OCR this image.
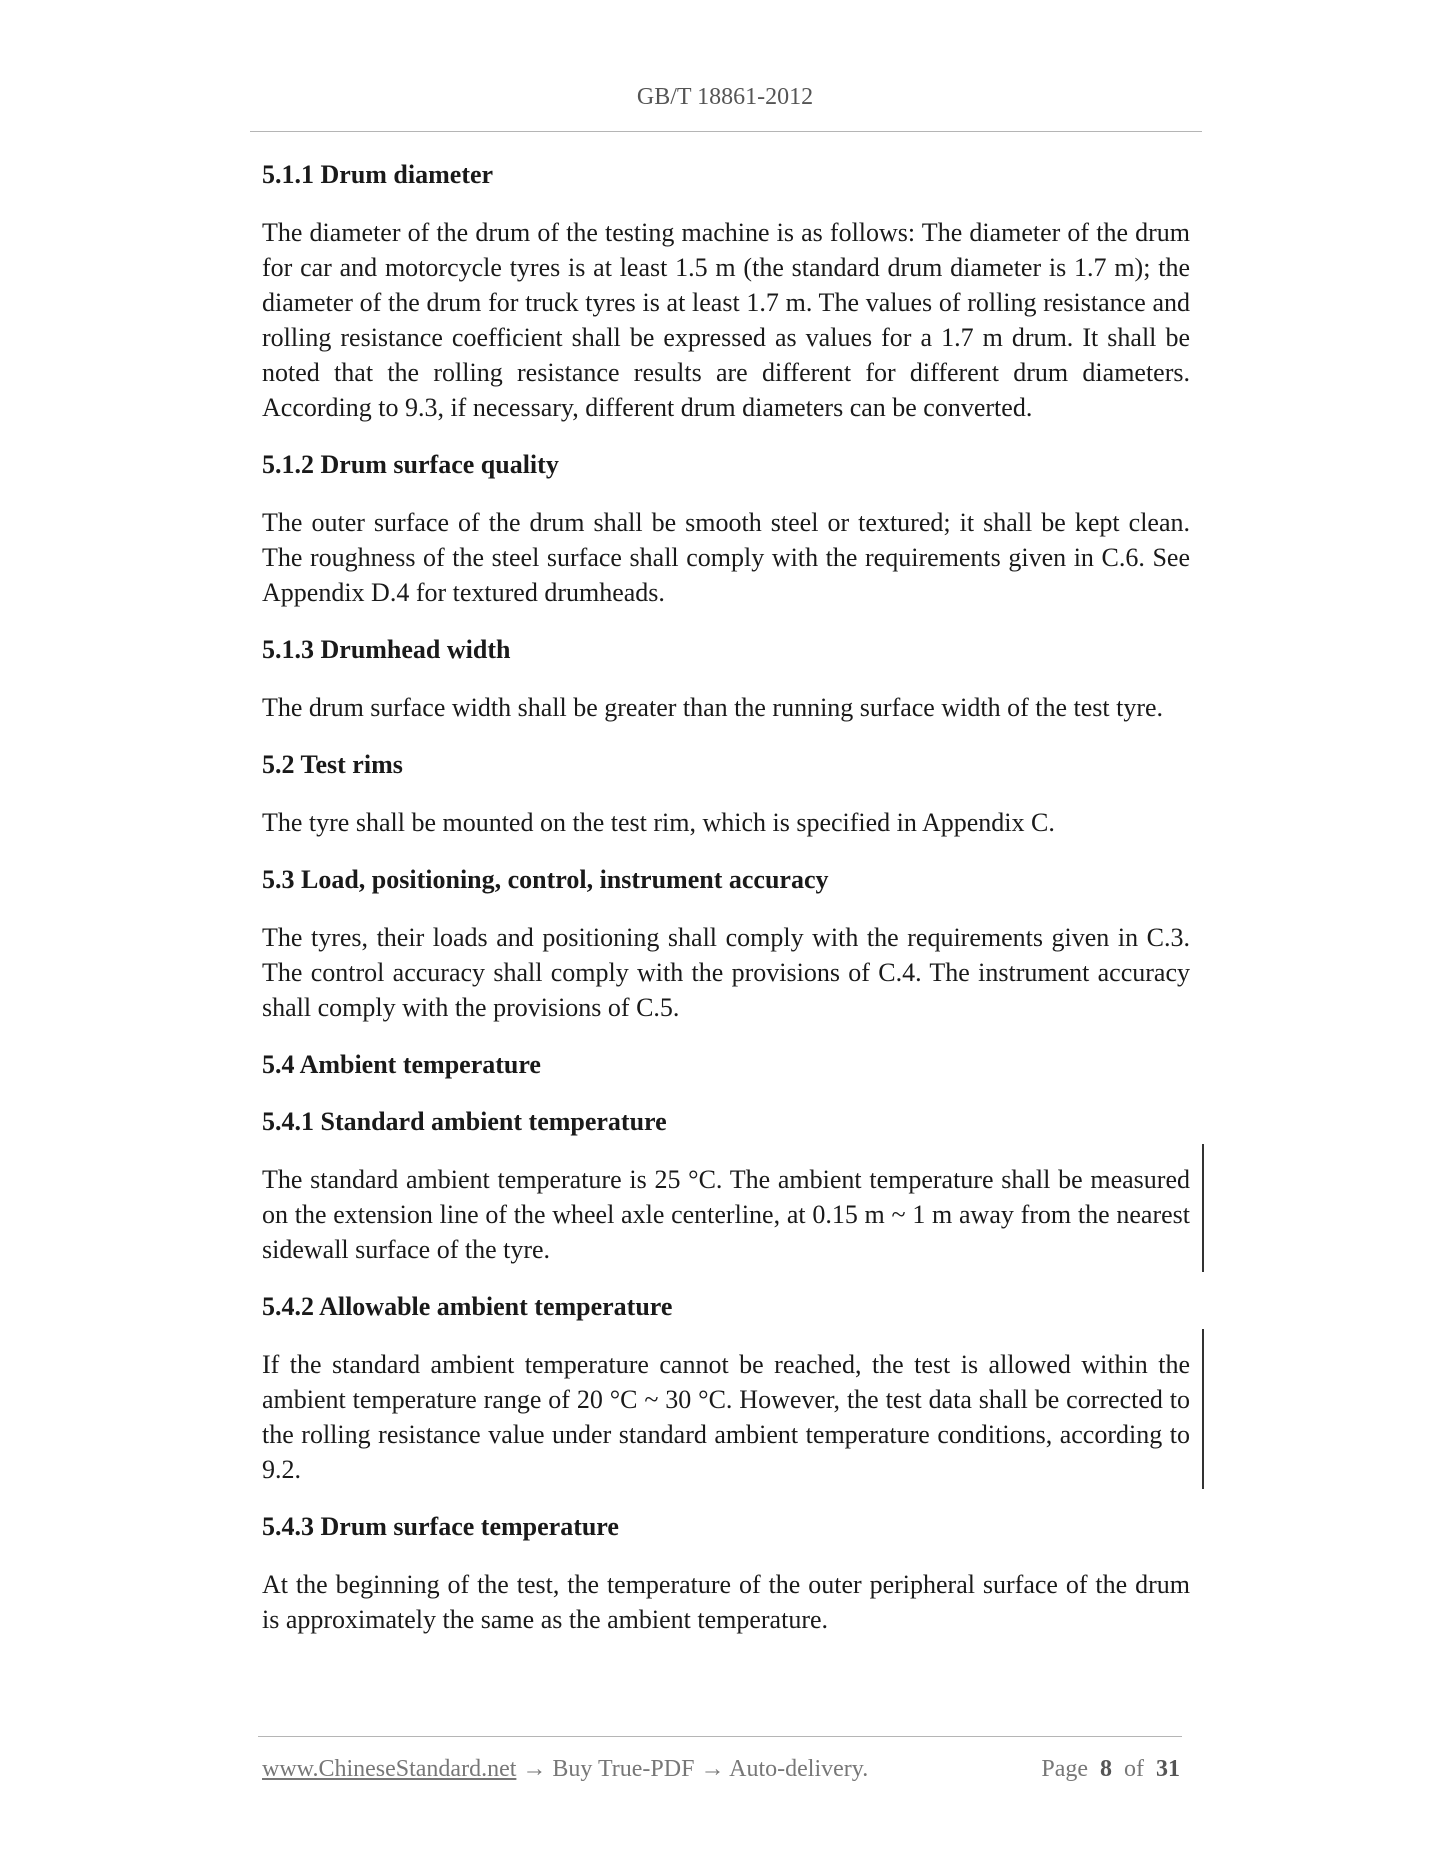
GB/T 18861-2012
5.1.1 Drum diameter

The diameter of the drum of the testing machine is as follows: The diameter of the drum for car and motorcycle tyres is at least 1.5 m (the standard drum diameter is 1.7 m); the diameter of the drum for truck tyres is at least 1.7 m. The values of rolling resistance and rolling resistance coefficient shall be expressed as values for a 1.7 m drum. It shall be noted that the rolling resistance results are different for different drum diameters. According to 9.3, if necessary, different drum diameters can be converted.

5.1.2 Drum surface quality

The outer surface of the drum shall be smooth steel or textured; it shall be kept clean. The roughness of the steel surface shall comply with the requirements given in C.6. See Appendix D.4 for textured drumheads.

5.1.3 Drumhead width

The drum surface width shall be greater than the running surface width of the test tyre.

5.2 Test rims

The tyre shall be mounted on the test rim, which is specified in Appendix C.

5.3 Load, positioning, control, instrument accuracy

The tyres, their loads and positioning shall comply with the requirements given in C.3. The control accuracy shall comply with the provisions of C.4. The instrument accuracy shall comply with the provisions of C.5.

5.4 Ambient temperature
5.4.1 Standard ambient temperature

The standard ambient temperature is 25 °C. The ambient temperature shall be measured on the extension line of the wheel axle centerline, at 0.15 m ~ 1 m away from the nearest sidewall surface of the tyre.

5.4.2 Allowable ambient temperature

If the standard ambient temperature cannot be reached, the test is allowed within the ambient temperature range of 20 °C ~ 30 °C. However, the test data shall be corrected to the rolling resistance value under standard ambient temperature conditions, according to 9.2.

5.4.3 Drum surface temperature

At the beginning of the test, the temperature of the outer peripheral surface of the drum is approximately the same as the ambient temperature.

www.ChineseStandard.net → Buy True-PDF → Auto-delivery.	Page 8 of 31
